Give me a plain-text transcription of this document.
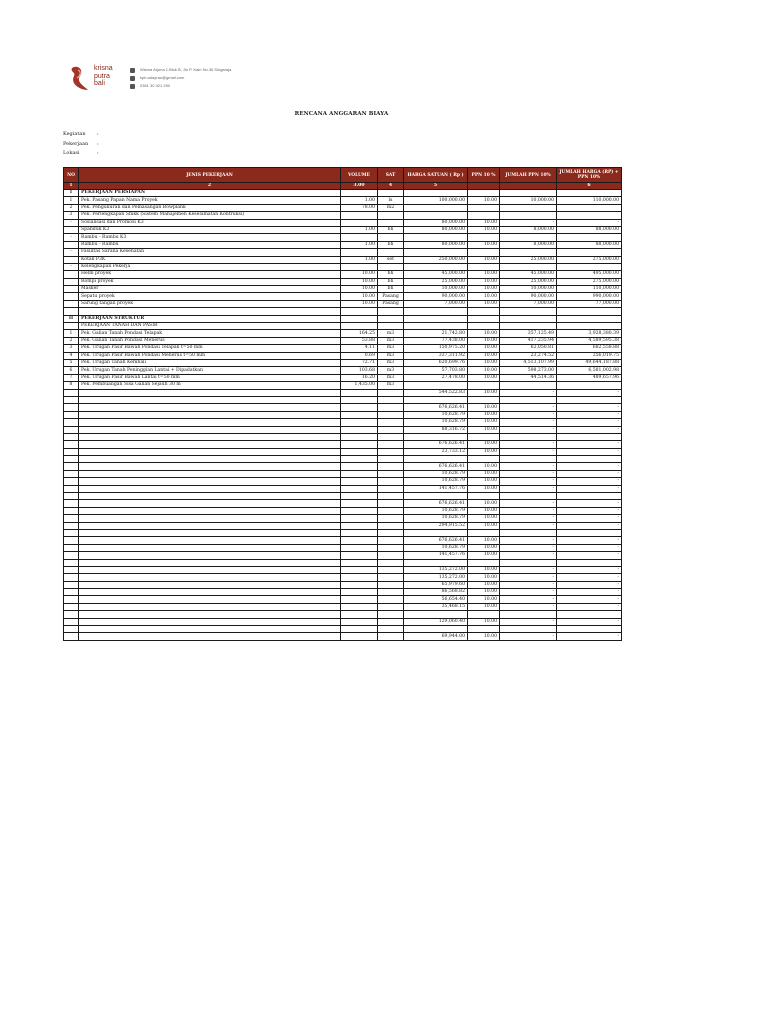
krisna
putra
bali
Wisma Arjuna 1.Blok B, Jln P. Kain No.36 Singaraja
kpb.adayrao@gmail.com
0361 30 421 290
RENCANA ANGGARAN BIAYA
Kegiatan	:
Pekerjaan	:
Lokasi	:
NO	JENIS PEKERJAAN	VOLUME	SAT	HARGA SATUAN ( Rp )	PPN 10 %	JUMLAH PPN 10%	JUMLAH HARGA (RP) + PPN 10%
1	2	3.00	4	5			6
I	PEKERJAAN PERSIAPAN						
1	Pek. Pasang Papan Nama Proyek	1.00	ls	100,000.00	10.00	10,000.00	110,000.00
2	Pek. Pengukuran dan Pemasangan Bowplank	78.00	m2				
3	Pek. Perlengkapan Smkk (Sistem Manajemen Keselamatan Kontruksi)						
-	Sosialisasi dan Promosi K3			80,000.00	10.00	-	-
	Spanduk K3	1.00	bh	80,000.00	10.00	8,000.00	88,000.00
-	Rambu - Rambu K3						
	Rambu - Rambu	1.00	bh	80,000.00	10.00	8,000.00	88,000.00
-	Fasilitas Sarana Kesehatan						
	Kotak P3K	1.00	set	250,000.00	10.00	25,000.00	275,000.00
-	Kelengkapan Pekerja						
	Helm proyek	10.00	bh	45,000.00	10.00	45,000.00	495,000.00
	Rompi proyek	10.00	bh	25,000.00	10.00	25,000.00	275,000.00
	Masker	10.00	bh	10,000.00	10.00	10,000.00	110,000.00
	Sepatu proyek	10.00	Pasang	90,000.00	10.00	90,000.00	990,000.00
	Sarung tangan proyek	10.00	Pasang	7,000.00	10.00	7,000.00	77,000.00

II	PEKERJAAN STRUKTUR						
	PEKERJAAN TANAH DAN PASIR						
1	Pek. Galian Tanah Pondasi Telapak	164.25	m3	21,742.80	10.00	357,125.49	3,928,380.39
2	Pek. Galian Tanah Pondasi Menerus	53.88	m3	77,438.00	10.00	417,235.94	4,589,595.38
3	Pek. Urugan Pasir Bawah Pondasi Telapak t=50 mm	4.11	m3	150,975.20	10.00	62,050.81	682,558.88
4	Pek. Urugan Pasir Bawah Pondasi Menerus t=50 mm	0.69	m3	337,311.92	10.00	23,274.52	256,019.75
5	Pek. Urugan Tanah Kembali	72.71	m3	620,699.76	10.00	4,513,107.99	49,644,187.88
6	Pek. Urugan Tanah Peninggian Lantai + Dipadatkan	103.68	m3	57,703.80	10.00	598,273.00	6,581,002.98
7	Pek. Urugan Pasir Bawah Lantai t=50 mm	16.20	m3	27,478.00	10.00	44,514.36	489,657.96
8	Pek. Pembuangan Sisa Galian Sejauh 30 m	1,435.00	m3				
				544,522.83	10.00	-	-

				676,626.41	10.00	-	-
				10,628.79	10.00	-	-
				10,628.79	10.00	-	-
				88,316.72	10.00	-	-

				676,626.41	10.00	-	-
				23,733.12	10.00	-	-

				676,626.41	10.00	-	-
				10,628.79	10.00	-	-
				10,628.79	10.00	-	-
				141,457.76	10.00	-	-

				676,626.41	10.00	-	-
				10,628.79	10.00	-	-
				10,628.79	10.00	-	-
				294,915.52	10.00	-	-

				676,626.41	10.00	-	-
				10,628.79	10.00	-	-
				141,457.76	10.00	-	-

				135,272.00	10.00	-	-
				135,272.00	10.00	-	-
				65,979.60	10.00	-	-
				86,568.82	10.00	-	-
				56,654.40	10.00	-	-
				35,468.15	10.00	-	-

				129,060.40	10.00	-	-

				69,944.00	10.00	-	-
